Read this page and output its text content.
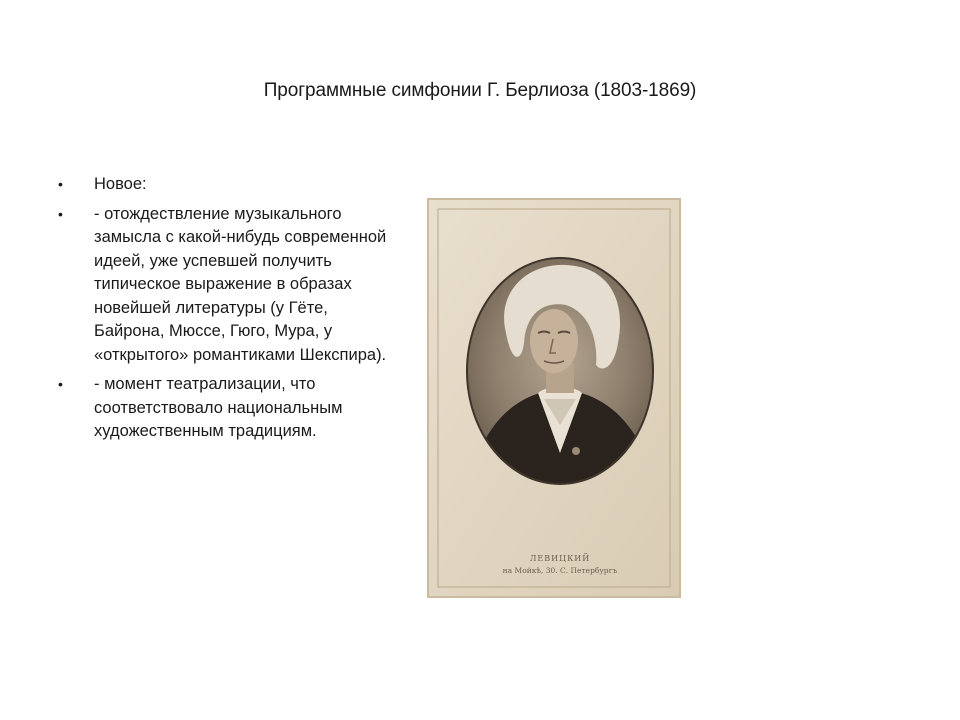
Программные симфонии Г. Берлиоза (1803-1869)
• Новое:
• - отождествление музыкального замысла с какой-нибудь современной идеей, уже успевшей получить типическое выражение в образах новейшей литературы (у Гёте, Байрона, Мюссе, Гюго, Мура, у «открытого» романтиками Шекспира).
• - момент театрализации, что соответствовало национальным художественным традициям.
ЛЕВИЦКИЙ
на Мойкѣ, 30. С. Петербургъ
